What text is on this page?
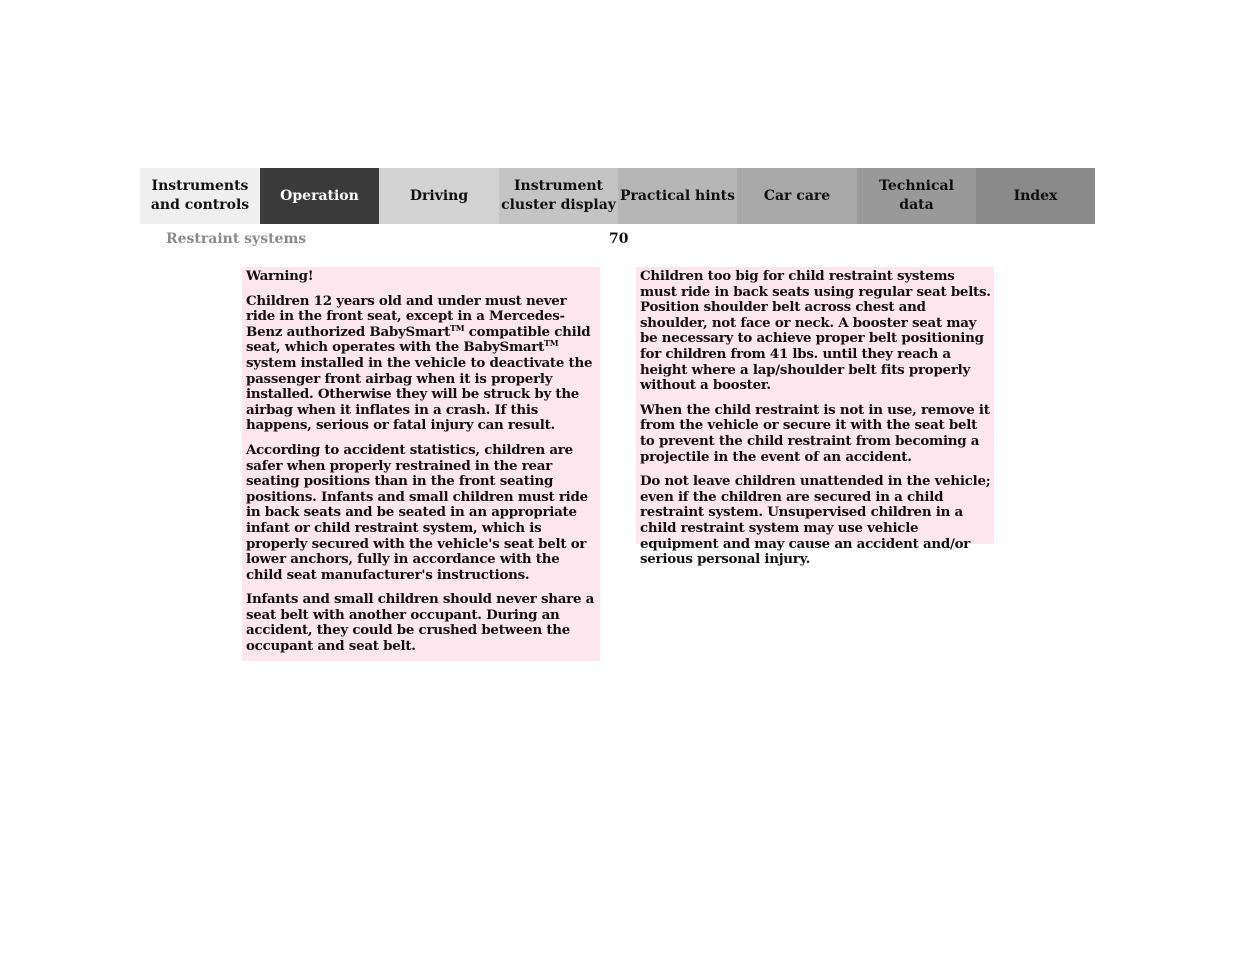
Instruments
and controls
Operation	Driving
Instrument
cluster display
Practical hints	Car care
Technical
data
Index
Restraint systems	70

Warning!

Children 12 years old and under must never ride in the front seat, except in a Mercedes-Benz authorized BabySmart™ compatible child seat, which operates with the BabySmart™ system installed in the vehicle to deactivate the passenger front airbag when it is properly installed. Otherwise they will be struck by the airbag when it inflates in a crash. If this happens, serious or fatal injury can result.

According to accident statistics, children are safer when properly restrained in the rear seating positions than in the front seating positions. Infants and small children must ride in back seats and be seated in an appropriate infant or child restraint system, which is properly secured with the vehicle's seat belt or lower anchors, fully in accordance with the child seat manufacturer's instructions.

Infants and small children should never share a seat belt with another occupant. During an accident, they could be crushed between the occupant and seat belt.

Children too big for child restraint systems must ride in back seats using regular seat belts. Position shoulder belt across chest and shoulder, not face or neck. A booster seat may be necessary to achieve proper belt positioning for children from 41 lbs. until they reach a height where a lap/shoulder belt fits properly without a booster.

When the child restraint is not in use, remove it from the vehicle or secure it with the seat belt to prevent the child restraint from becoming a projectile in the event of an accident.

Do not leave children unattended in the vehicle; even if the children are secured in a child restraint system. Unsupervised children in a child restraint system may use vehicle equipment and may cause an accident and/or serious personal injury.
